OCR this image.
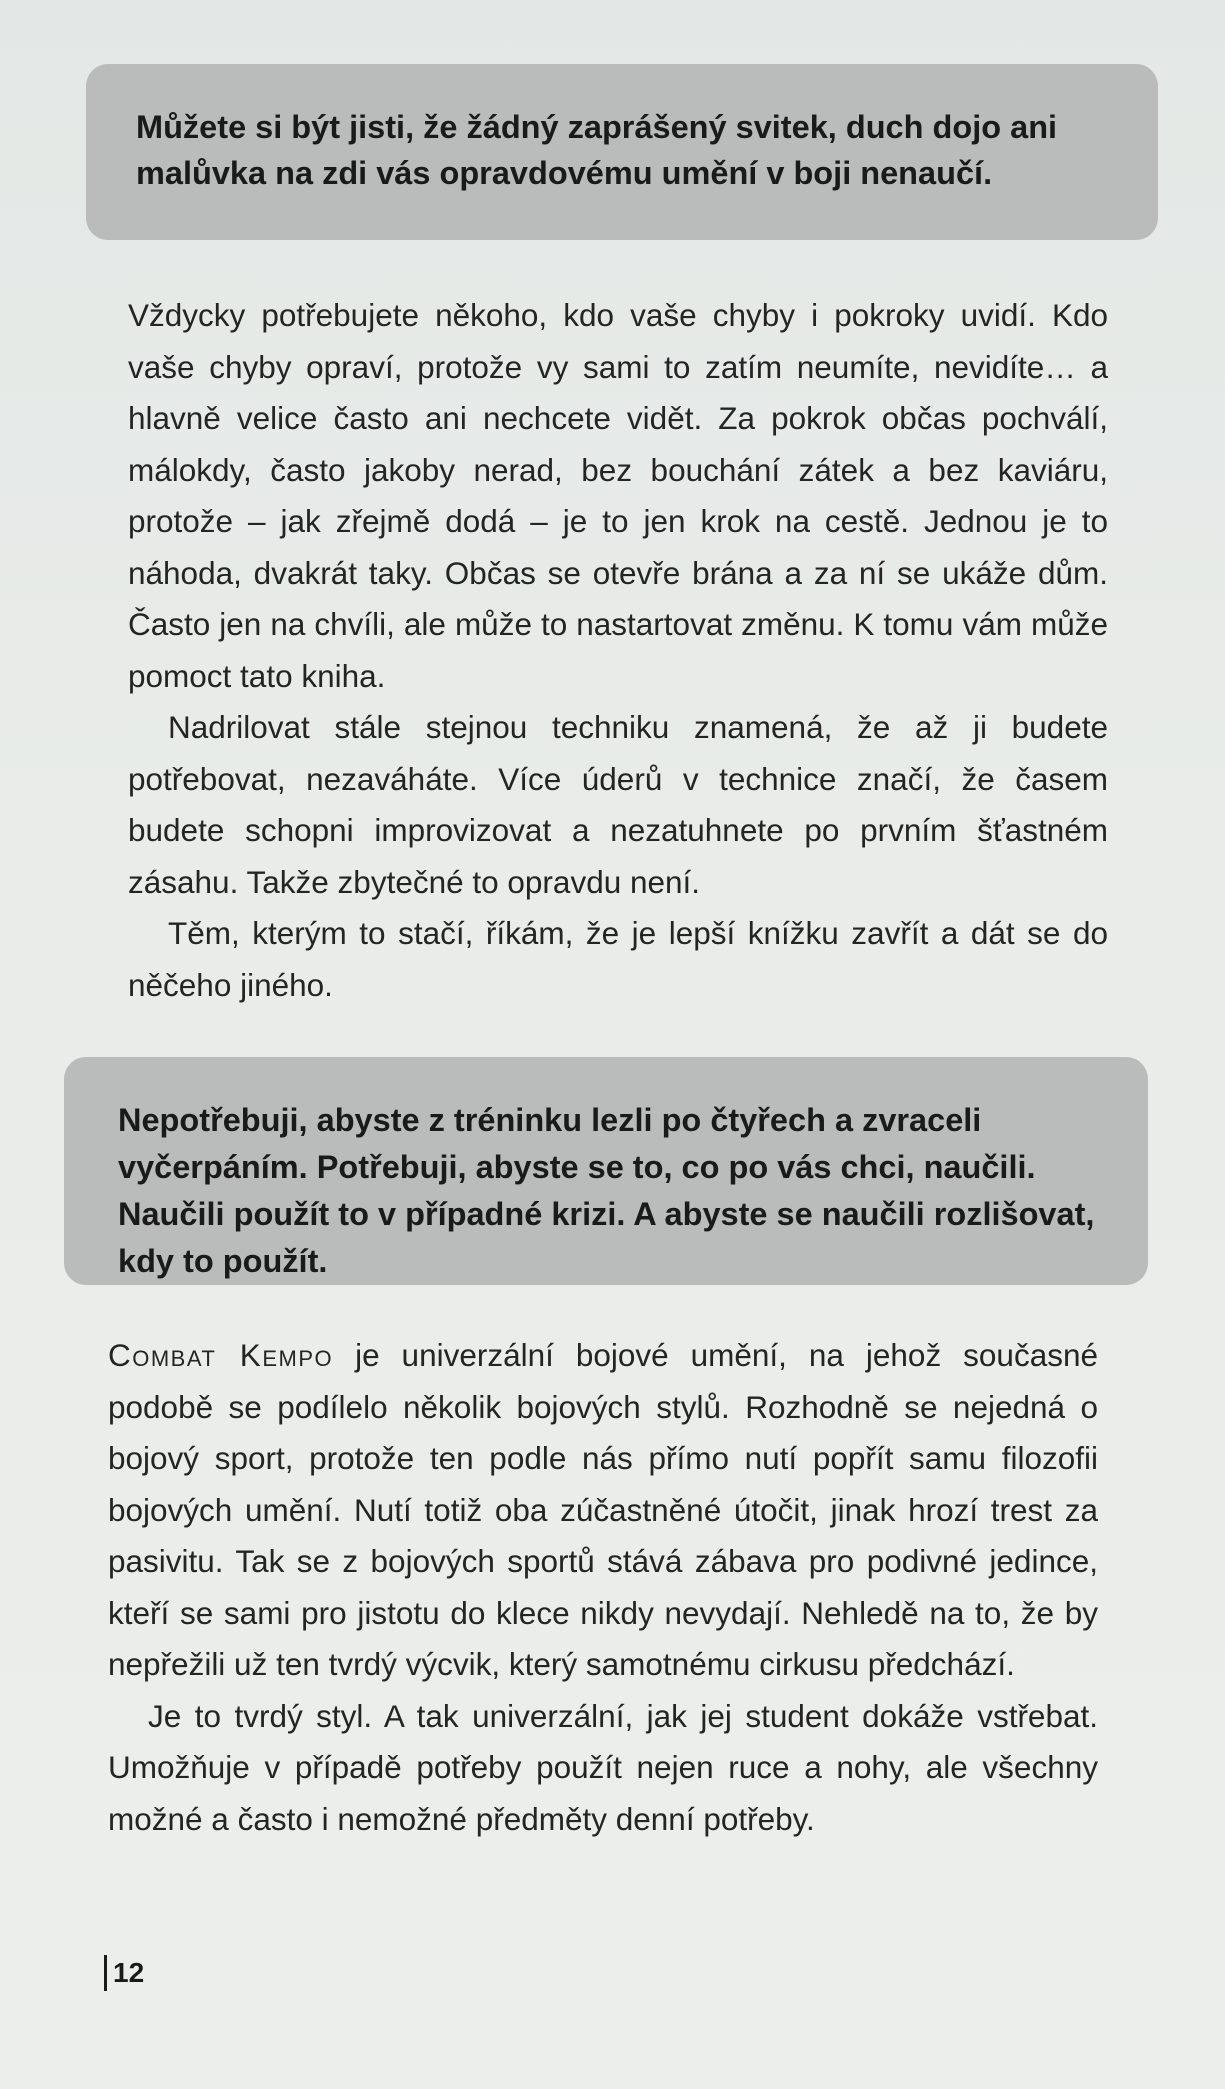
Můžete si být jisti, že žádný zaprášený svitek, duch dojo ani malůvka na zdi vás opravdovému umění v boji nenaučí.

Vždycky potřebujete někoho, kdo vaše chyby i pokroky uvidí. Kdo vaše chyby opraví, protože vy sami to zatím neumíte, nevidíte… a hlavně velice často ani nechcete vidět. Za pokrok občas pochválí, málokdy, často jakoby nerad, bez bouchání zátek a bez kaviáru, protože – jak zřejmě dodá – je to jen krok na cestě. Jednou je to náhoda, dvakrát taky. Občas se otevře brána a za ní se ukáže dům. Často jen na chvíli, ale může to nastartovat změnu. K tomu vám může pomoct tato kniha.

Nadrilovat stále stejnou techniku znamená, že až ji budete potřebovat, nezaváháte. Více úderů v technice značí, že časem budete schopni improvizovat a nezatuhnete po prvním šťastném zásahu. Takže zbytečné to opravdu není.

Těm, kterým to stačí, říkám, že je lepší knížku zavřít a dát se do něčeho jiného.

Nepotřebuji, abyste z tréninku lezli po čtyřech a zvraceli vyčerpáním. Potřebuji, abyste se to, co po vás chci, naučili. Naučili použít to v případné krizi. A abyste se naučili rozlišovat, kdy to použít.

Combat Kempo je univerzální bojové umění, na jehož současné podobě se podílelo několik bojových stylů. Rozhodně se nejedná o bojový sport, protože ten podle nás přímo nutí popřít samu filozofii bojových umění. Nutí totiž oba zúčastněné útočit, jinak hrozí trest za pasivitu. Tak se z bojových sportů stává zábava pro podivné jedince, kteří se sami pro jistotu do klece nikdy nevydají. Nehledě na to, že by nepřežili už ten tvrdý výcvik, který samotnému cirkusu předchází.

Je to tvrdý styl. A tak univerzální, jak jej student dokáže vstřebat. Umožňuje v případě potřeby použít nejen ruce a nohy, ale všechny možné a často i nemožné předměty denní potřeby.

12
